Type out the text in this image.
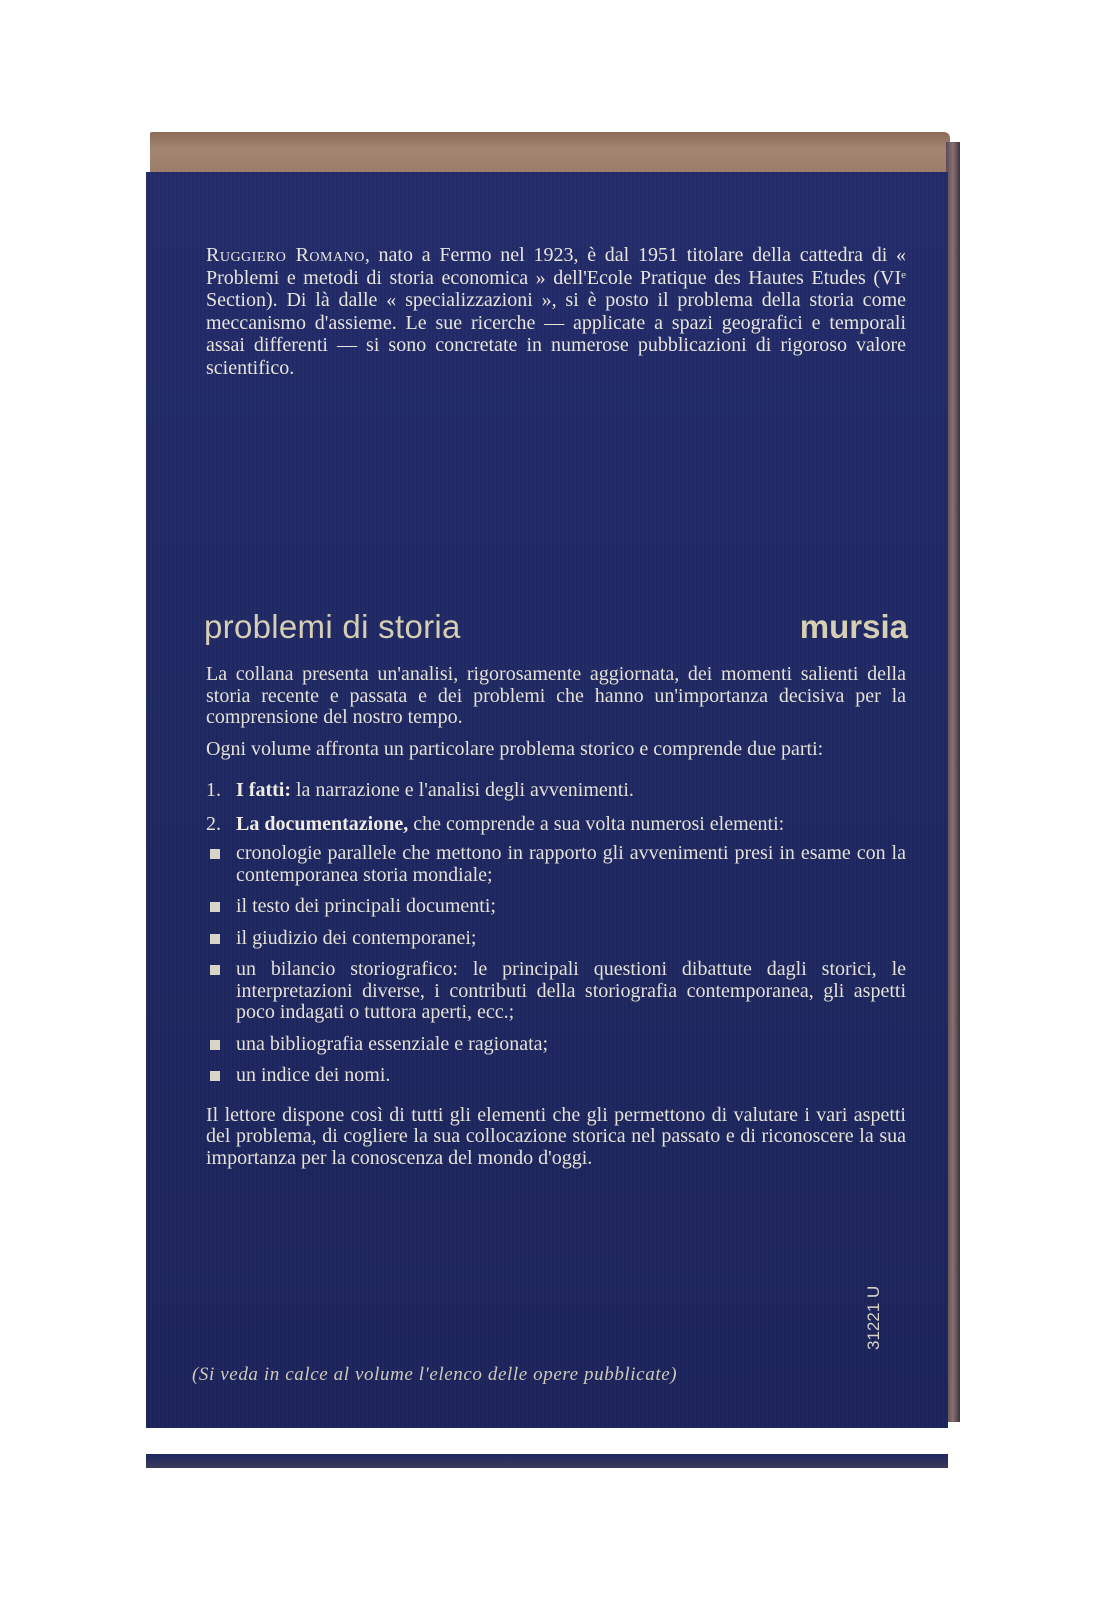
Ruggiero Romano, nato a Fermo nel 1923, è dal 1951 titolare della cattedra di « Problemi e metodi di storia economica » dell'Ecole Pratique des Hautes Etudes (VIe Section). Di là dalle « specializzazioni », si è posto il problema della storia come meccanismo d'assieme. Le sue ricerche — applicate a spazi geografici e temporali assai differenti — si sono concretate in numerose pubblicazioni di rigoroso valore scientifico.
problemi di storia	mursia

La collana presenta un'analisi, rigorosamente aggiornata, dei momenti salienti della storia recente e passata e dei problemi che hanno un'importanza decisiva per la comprensione del nostro tempo.

Ogni volume affronta un particolare problema storico e comprende due parti:

1. I fatti: la narrazione e l'analisi degli avvenimenti.
2. La documentazione, che comprende a sua volta numerosi elementi:
cronologie parallele che mettono in rapporto gli avvenimenti presi in esame con la contemporanea storia mondiale;
il testo dei principali documenti;
il giudizio dei contemporanei;
un bilancio storiografico: le principali questioni dibattute dagli storici, le interpretazioni diverse, i contributi della storiografia contemporanea, gli aspetti poco indagati o tuttora aperti, ecc.;
una bibliografia essenziale e ragionata;
un indice dei nomi.

Il lettore dispone così di tutti gli elementi che gli permettono di valutare i vari aspetti del problema, di cogliere la sua collocazione storica nel passato e di riconoscere la sua importanza per la conoscenza del mondo d'oggi.

31221 U
(Si veda in calce al volume l'elenco delle opere pubblicate)
